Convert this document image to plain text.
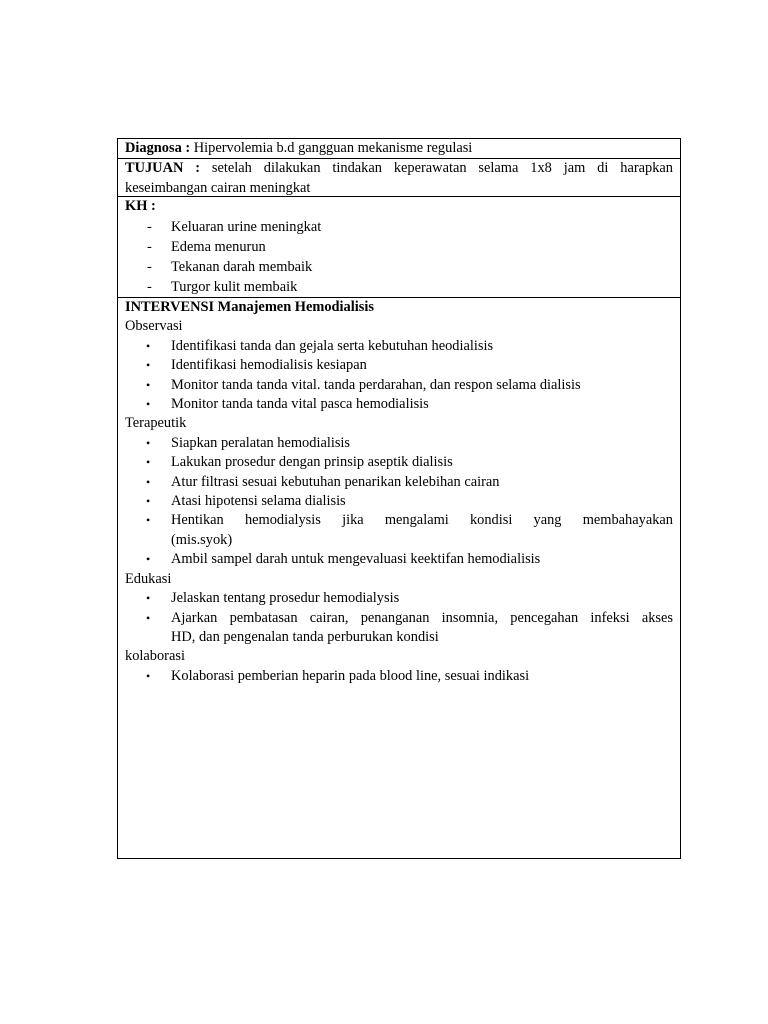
Diagnosa : Hipervolemia b.d gangguan mekanisme regulasi
TUJUAN : setelah dilakukan tindakan keperawatan selama 1x8 jam di harapkan
keseimbangan cairan meningkat
KH :
- Keluaran urine meningkat
- Edema menurun
- Tekanan darah membaik
- Turgor kulit membaik
INTERVENSI Manajemen Hemodialisis
Observasi
• Identifikasi tanda dan gejala serta kebutuhan heodialisis
• Identifikasi hemodialisis kesiapan
• Monitor tanda tanda vital. tanda perdarahan, dan respon selama dialisis
• Monitor tanda tanda vital pasca hemodialisis
Terapeutik
• Siapkan peralatan hemodialisis
• Lakukan prosedur dengan prinsip aseptik dialisis
• Atur filtrasi sesuai kebutuhan penarikan kelebihan cairan
• Atasi hipotensi selama dialisis
• Hentikan hemodialysis jika mengalami kondisi yang membahayakan
(mis.syok)
• Ambil sampel darah untuk mengevaluasi keektifan hemodialisis
Edukasi
• Jelaskan tentang prosedur hemodialysis
• Ajarkan pembatasan cairan, penanganan insomnia, pencegahan infeksi akses
HD, dan pengenalan tanda perburukan kondisi
kolaborasi
• Kolaborasi pemberian heparin pada blood line, sesuai indikasi
